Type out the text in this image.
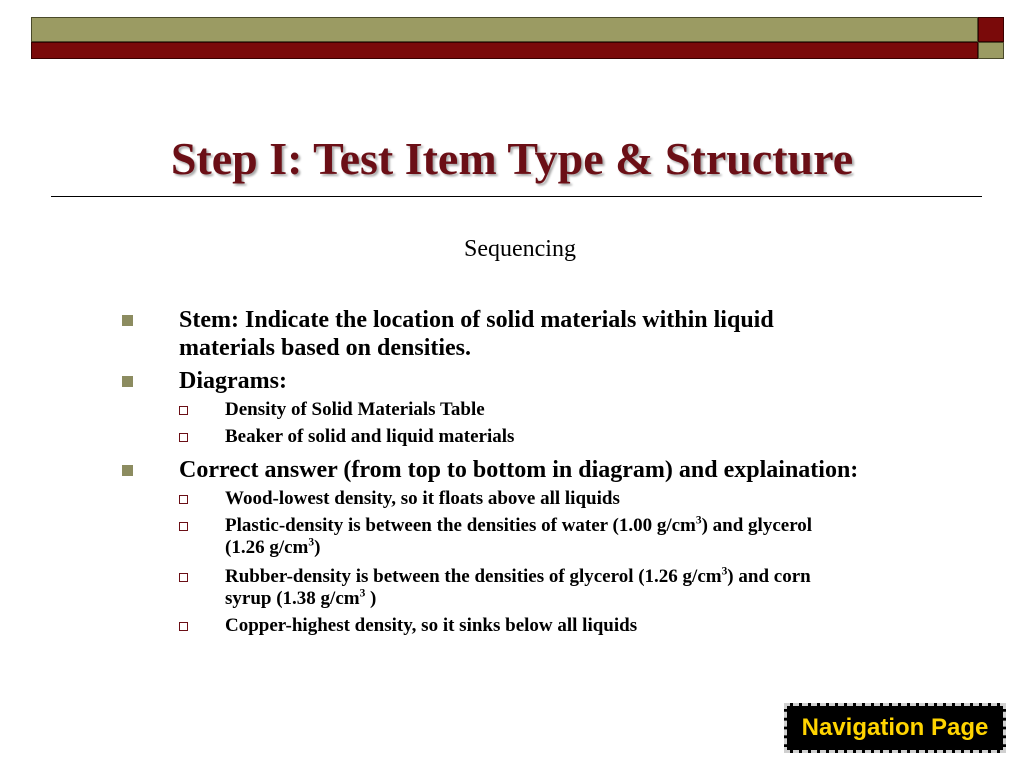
Step I: Test Item Type & Structure
Sequencing
Stem: Indicate the location of solid materials within liquid
materials based on densities.
Diagrams:
Density of Solid Materials Table
Beaker of solid and liquid materials
Correct answer (from top to bottom in diagram) and explaination:
Wood-lowest density, so it floats above all liquids
Plastic-density is between the densities of water (1.00 $g/cm^3$) and glycerol
(1.26 $g/cm^3$)
Rubber-density is between the densities of glycerol (1.26 $g/cm^3$) and corn
syrup (1.38 $g/cm^3$ )
Copper-highest density, so it sinks below all liquids
Navigation Page
